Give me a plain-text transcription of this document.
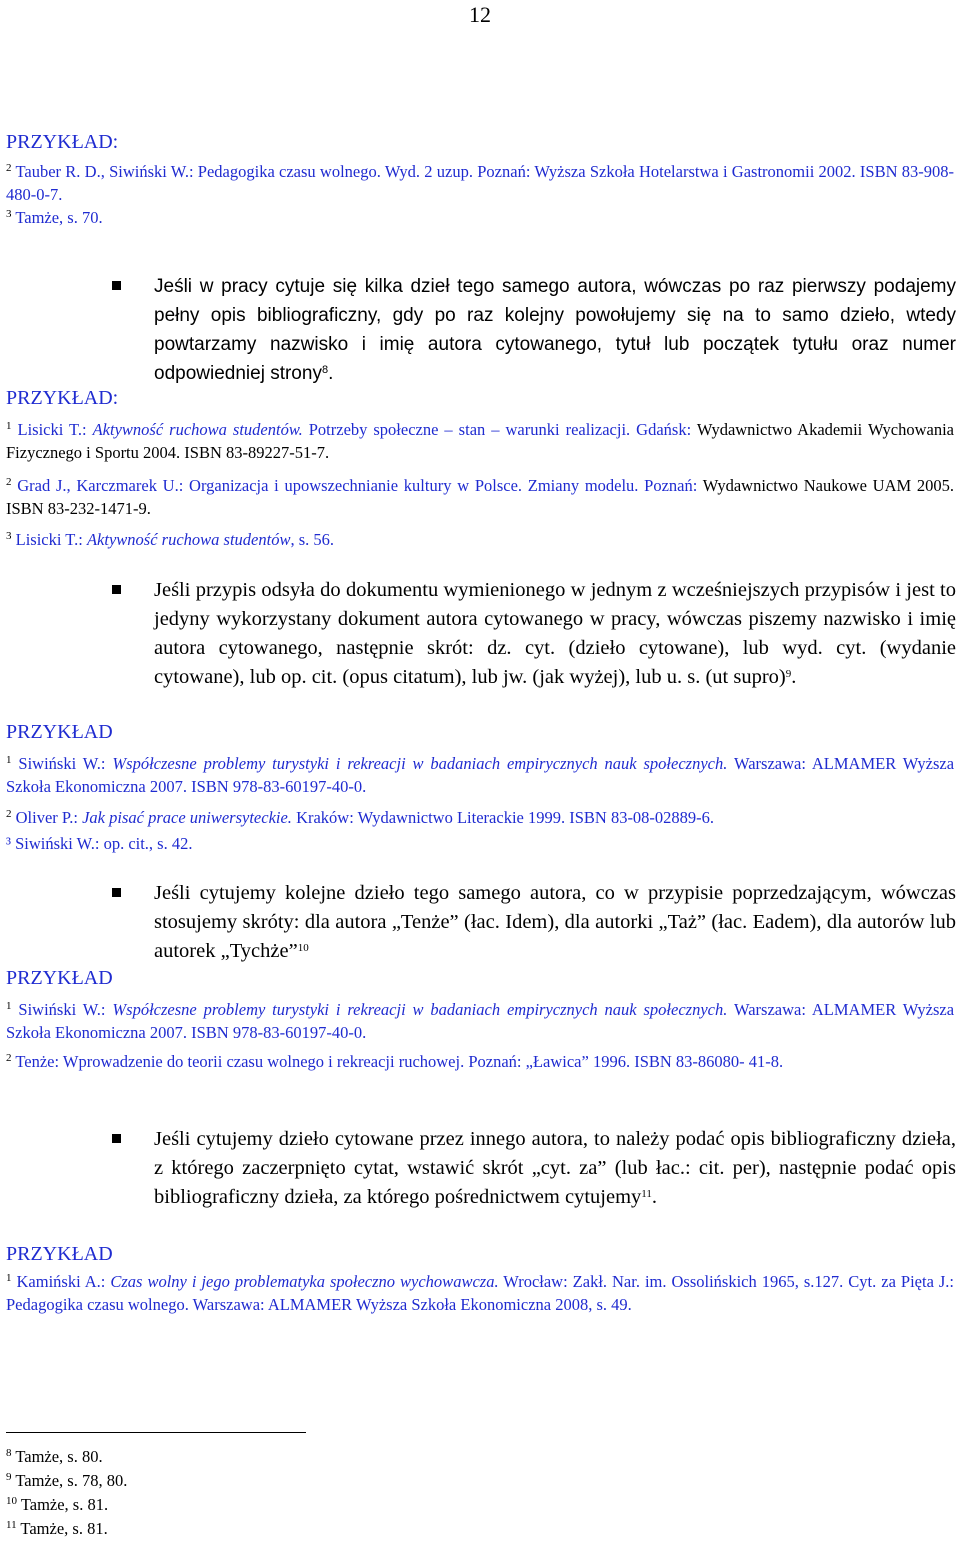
12
PRZYKŁAD:
$^2$ Tauber R. D., Siwiński W.: Pedagogika czasu wolnego. Wyd. 2 uzup. Poznań: Wyższa Szkoła Hotelarstwa i Gastronomii 2002. ISBN 83-908-480-0-7.
$^3$ Tamże, s. 70.
Jeśli w pracy cytuje się kilka dzieł tego samego autora, wówczas po raz pierwszy podajemy pełny opis bibliograficzny, gdy po raz kolejny powołujemy się na to samo dzieło, wtedy powtarzamy nazwisko i imię autora cytowanego, tytuł lub początek tytułu oraz numer odpowiedniej strony$^8$.
PRZYKŁAD:
$^1$ Lisicki T.: Aktywność ruchowa studentów. Potrzeby społeczne – stan – warunki realizacji. Gdańsk: Wydawnictwo Akademii Wychowania Fizycznego i Sportu 2004. ISBN 83-89227-51-7.
$^2$ Grad J., Karczmarek U.: Organizacja i upowszechnianie kultury w Polsce. Zmiany modelu. Poznań: Wydawnictwo Naukowe UAM 2005. ISBN 83-232-1471-9.
$^3$ Lisicki T.: Aktywność ruchowa studentów, s. 56.
Jeśli przypis odsyła do dokumentu wymienionego w jednym z wcześniejszych przypisów i jest to jedyny wykorzystany dokument autora cytowanego w pracy, wówczas piszemy nazwisko i imię autora cytowanego, następnie skrót: dz. cyt. (dzieło cytowane), lub wyd. cyt. (wydanie cytowane), lub op. cit. (opus citatum), lub jw. (jak wyżej), lub u. s. (ut supro)$^9$.
PRZYKŁAD
$^1$ Siwiński W.: Współczesne problemy turystyki i rekreacji w badaniach empirycznych nauk społecznych. Warszawa: ALMAMER Wyższa Szkoła Ekonomiczna 2007. ISBN 978-83-60197-40-0.
$^2$ Oliver P.: Jak pisać prace uniwersyteckie. Kraków: Wydawnictwo Literackie 1999. ISBN 83-08-02889-6.
³ Siwiński W.: op. cit., s. 42.
Jeśli cytujemy kolejne dzieło tego samego autora, co w przypisie poprzedzającym, wówczas stosujemy skróty: dla autora „Tenże” (łac. Idem), dla autorki „Taż” (łac. Eadem), dla autorów lub autorek „Tychże”$^{10}$
PRZYKŁAD
$^1$ Siwiński W.: Współczesne problemy turystyki i rekreacji w badaniach empirycznych nauk społecznych. Warszawa: ALMAMER Wyższa Szkoła Ekonomiczna 2007. ISBN 978-83-60197-40-0.
$^2$ Tenże: Wprowadzenie do teorii czasu wolnego i rekreacji ruchowej. Poznań: „Ławica” 1996. ISBN 83-86080- 41-8.
Jeśli cytujemy dzieło cytowane przez innego autora, to należy podać opis bibliograficzny dzieła, z którego zaczerpnięto cytat, wstawić skrót „cyt. za” (lub łac.: cit. per), następnie podać opis bibliograficzny dzieła, za którego pośrednictwem cytujemy$^{11}$.
PRZYKŁAD
$^1$ Kamiński A.: Czas wolny i jego problematyka społeczno wychowawcza. Wrocław: Zakł. Nar. im. Ossolińskich 1965, s.127. Cyt. za Pięta J.: Pedagogika czasu wolnego. Warszawa: ALMAMER Wyższa Szkoła Ekonomiczna 2008, s. 49.
$^8$ Tamże, s. 80.
$^9$ Tamże, s. 78, 80.
$^{10}$ Tamże, s. 81.
$^{11}$ Tamże, s. 81.
